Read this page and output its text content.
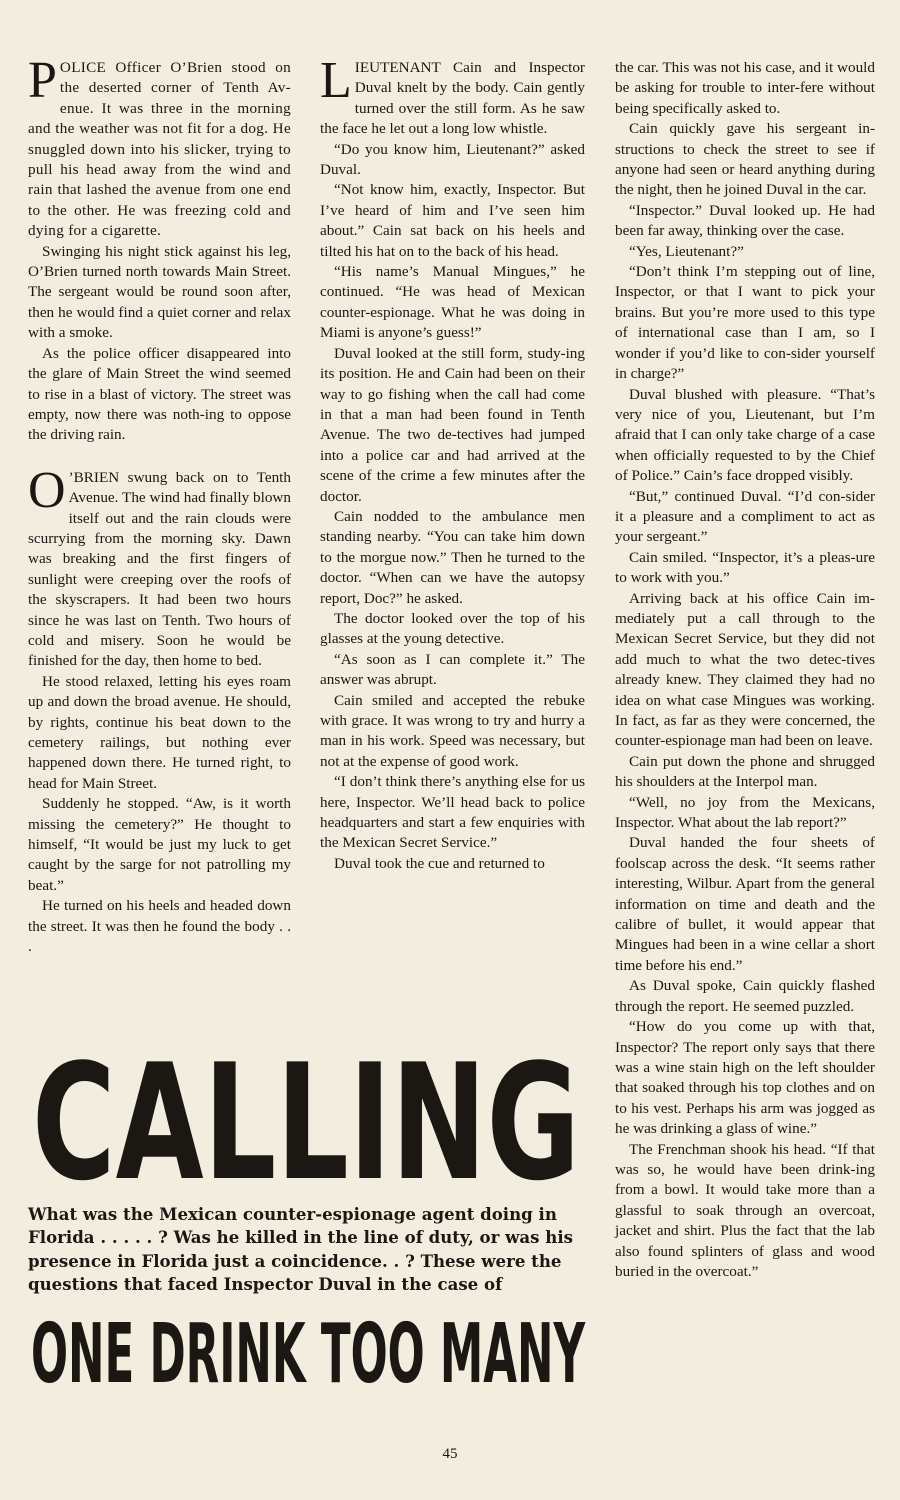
POLICE Officer O’Brien stood on the deserted corner of Tenth Av-enue. It was three in the morning and the weather was not fit for a dog. He snuggled down into his slicker, trying to pull his head away from the wind and rain that lashed the avenue from one end to the other. He was freezing cold and dying for a cigarette.

Swinging his night stick against his leg, O’Brien turned north towards Main Street. The sergeant would be round soon after, then he would find a quiet corner and relax with a smoke.

As the police officer disappeared into the glare of Main Street the wind seemed to rise in a blast of victory. The street was empty, now there was noth-ing to oppose the driving rain.

O ’BRIEN swung back on to Tenth Avenue. The wind had finally blown itself out and the rain clouds were scurrying from the morning sky. Dawn was breaking and the first fingers of sunlight were creeping over the roofs of the skyscrapers. It had been two hours since he was last on Tenth. Two hours of cold and misery. Soon he would be finished for the day, then home to bed.

He stood relaxed, letting his eyes roam up and down the broad avenue. He should, by rights, continue his beat down to the cemetery railings, but nothing ever happened down there. He turned right, to head for Main Street.

Suddenly he stopped. “Aw, is it worth missing the cemetery?” He thought to himself, “It would be just my luck to get caught by the sarge for not patrolling my beat.”

He turned on his heels and headed down the street. It was then he found the body . . .

LIEUTENANT Cain and Inspector Duval knelt by the body. Cain gently turned over the still form. As he saw the face he let out a long low whistle.

“Do you know him, Lieutenant?” asked Duval.

“Not know him, exactly, Inspector. But I’ve heard of him and I’ve seen him about.” Cain sat back on his heels and tilted his hat on to the back of his head.

“His name’s Manual Mingues,” he continued. “He was head of Mexican counter-espionage. What he was doing in Miami is anyone’s guess!”

Duval looked at the still form, study-ing its position. He and Cain had been on their way to go fishing when the call had come in that a man had been found in Tenth Avenue. The two de-tectives had jumped into a police car and had arrived at the scene of the crime a few minutes after the doctor.

Cain nodded to the ambulance men standing nearby. “You can take him down to the morgue now.” Then he turned to the doctor. “When can we have the autopsy report, Doc?” he asked.

The doctor looked over the top of his glasses at the young detective.

“As soon as I can complete it.” The answer was abrupt.

Cain smiled and accepted the rebuke with grace. It was wrong to try and hurry a man in his work. Speed was necessary, but not at the expense of good work.

“I don’t think there’s anything else for us here, Inspector. We’ll head back to police headquarters and start a few enquiries with the Mexican Secret Service.”

Duval took the cue and returned to

the car. This was not his case, and it would be asking for trouble to inter-fere without being specifically asked to.

Cain quickly gave his sergeant in-structions to check the street to see if anyone had seen or heard anything during the night, then he joined Duval in the car.

“Inspector.” Duval looked up. He had been far away, thinking over the case.

“Yes, Lieutenant?”

“Don’t think I’m stepping out of line, Inspector, or that I want to pick your brains. But you’re more used to this type of international case than I am, so I wonder if you’d like to con-sider yourself in charge?”

Duval blushed with pleasure. “That’s very nice of you, Lieutenant, but I’m afraid that I can only take charge of a case when officially requested to by the Chief of Police.” Cain’s face dropped visibly.

“But,” continued Duval. “I’d con-sider it a pleasure and a compliment to act as your sergeant.”

Cain smiled. “Inspector, it’s a pleas-ure to work with you.”

Arriving back at his office Cain im-mediately put a call through to the Mexican Secret Service, but they did not add much to what the two detec-tives already knew. They claimed they had no idea on what case Mingues was working. In fact, as far as they were concerned, the counter-espionage man had been on leave.

Cain put down the phone and shrugged his shoulders at the Interpol man.

“Well, no joy from the Mexicans, Inspector. What about the lab report?”

Duval handed the four sheets of foolscap across the desk. “It seems rather interesting, Wilbur. Apart from the general information on time and death and the calibre of bullet, it would appear that Mingues had been in a wine cellar a short time before his end.”

As Duval spoke, Cain quickly flashed through the report. He seemed puzzled.

“How do you come up with that, Inspector? The report only says that there was a wine stain high on the left shoulder that soaked through his top clothes and on to his vest. Perhaps his arm was jogged as he was drinking a glass of wine.”

The Frenchman shook his head. “If that was so, he would have been drink-ing from a bowl. It would take more than a glassful to soak through an overcoat, jacket and shirt. Plus the fact that the lab also found splinters of glass and wood buried in the overcoat.”

CALLING
What was the Mexican counter-espionage agent doing in Florida . . . . . ? Was he killed in the line of duty, or was his presence in Florida just a coincidence. . ? These were the questions that faced Inspector Duval in the case of
ONE DRINK TOO MANY
45
